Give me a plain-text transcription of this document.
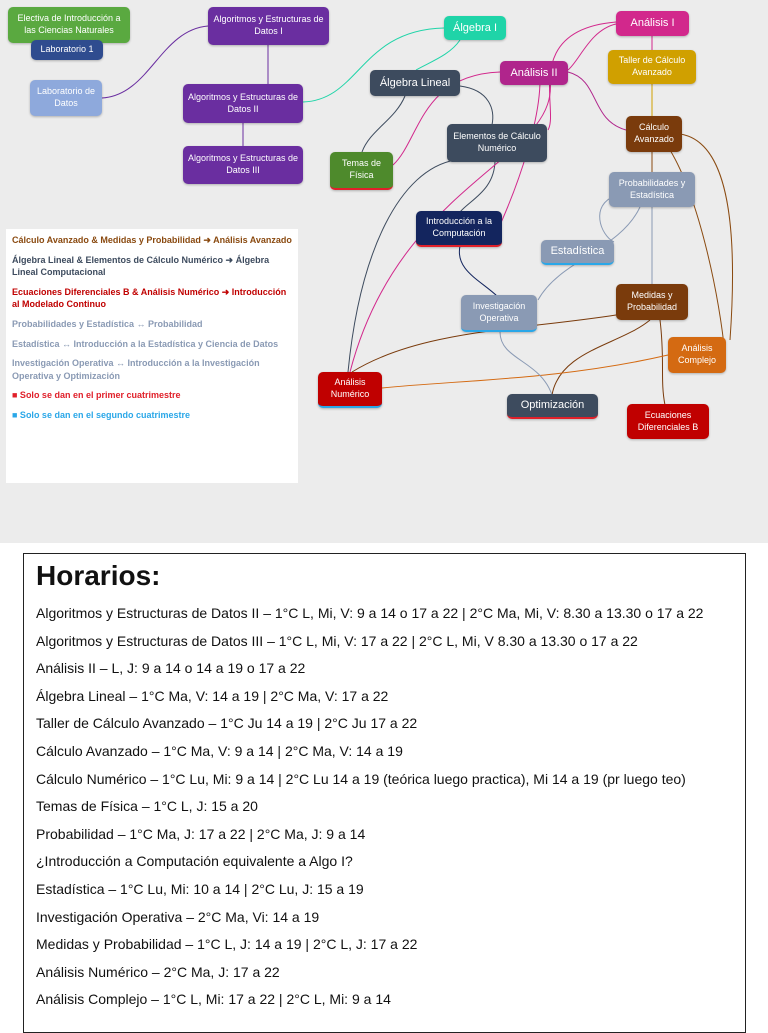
Electiva de Introducción a las Ciencias Naturales
Laboratorio 1
Laboratorio de Datos
Algoritmos y Estructuras de Datos I
Algoritmos y Estructuras de Datos II
Algoritmos y Estructuras de Datos III
Álgebra I
Álgebra Lineal
Temas de Física
Elementos de Cálculo Numérico
Introducción a la Computación
Análisis II
Análisis I
Taller de Cálculo Avanzado
Cálculo Avanzado
Probabilidades y Estadística
Estadística
Investigación Operativa
Medidas y Probabilidad
Análisis Complejo
Análisis Numérico
Optimización
Ecuaciones Diferenciales B
Cálculo Avanzado & Medidas y Probabilidad ➜ Análisis Avanzado
Álgebra Lineal & Elementos de Cálculo Numérico ➜ Álgebra Lineal Computacional
Ecuaciones Diferenciales B & Análisis Numérico ➜ Introducción al Modelado Continuo
Probabilidades y Estadística ↔ Probabilidad
Estadística ↔ Introducción a la Estadística y Ciencia de Datos
Investigación Operativa ↔ Introducción a la Investigación Operativa y Optimización
■ Solo se dan en el primer cuatrimestre
■ Solo se dan en el segundo cuatrimestre
Horarios:
Algoritmos y Estructuras de Datos II – 1°C L, Mi, V: 9 a 14 o 17 a 22 | 2°C Ma, Mi, V: 8.30 a 13.30 o 17 a 22
Algoritmos y Estructuras de Datos III – 1°C L, Mi, V: 17 a 22 | 2°C L, Mi, V 8.30 a 13.30 o 17 a 22
Análisis II – L, J: 9 a 14 o 14 a 19 o 17 a 22
Álgebra Lineal – 1°C Ma, V: 14 a 19 | 2°C Ma, V: 17 a 22
Taller de Cálculo Avanzado – 1°C Ju 14 a 19 | 2°C Ju 17 a 22
Cálculo Avanzado – 1°C Ma, V: 9 a 14 | 2°C Ma, V: 14 a 19
Cálculo Numérico – 1°C Lu, Mi: 9 a 14 | 2°C Lu 14 a 19 (teórica luego practica), Mi 14 a 19 (pr luego teo)
Temas de Física – 1°C L, J: 15 a 20
Probabilidad – 1°C Ma, J: 17 a 22 | 2°C Ma, J: 9 a 14
¿Introducción a Computación equivalente a Algo I?
Estadística – 1°C Lu, Mi: 10 a 14 | 2°C Lu, J: 15 a 19
Investigación Operativa – 2°C Ma, Vi: 14 a 19
Medidas y Probabilidad – 1°C L, J: 14 a 19 | 2°C L, J: 17 a 22
Análisis Numérico – 2°C Ma, J: 17 a 22
Análisis Complejo – 1°C L, Mi: 17 a 22 | 2°C L, Mi: 9 a 14
